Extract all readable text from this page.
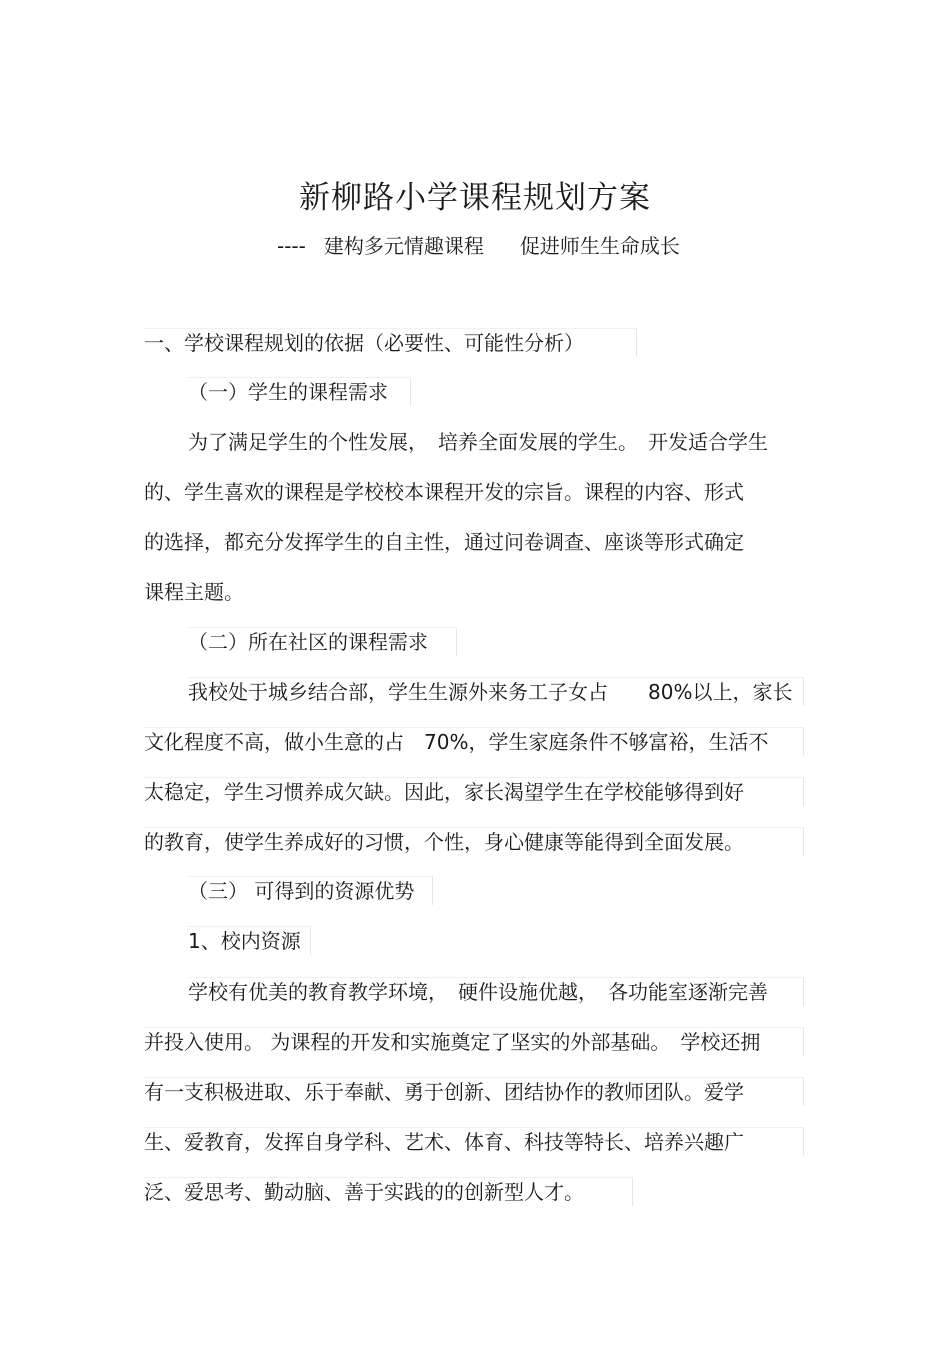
新柳路小学课程规划方案
---- 建构多元情趣课程 促进师生生命成长
一、学校课程规划的依据（必要性、可能性分析）
（一）学生的课程需求
为了满足学生的个性发展，　培养全面发展的学生。　开发适合学生
的、学生喜欢的课程是学校校本课程开发的宗旨。课程的内容、形式
的选择，都充分发挥学生的自主性，通过问卷调查、座谈等形式确定
课程主题。
（二）所在社区的课程需求
我校处于城乡结合部，学生生源外来务工子女占　　80%以上，家长
文化程度不高，做小生意的占　70%，学生家庭条件不够富裕，生活不
太稳定，学生习惯养成欠缺。因此，家长渴望学生在学校能够得到好
的教育，使学生养成好的习惯，个性，身心健康等能得到全面发展。
（三） 可得到的资源优势
1、校内资源
学校有优美的教育教学环境，　硬件设施优越，　各功能室逐渐完善
并投入使用。 为课程的开发和实施奠定了坚实的外部基础。　学校还拥
有一支积极进取、乐于奉献、勇于创新、团结协作的教师团队。爱学
生、爱教育，发挥自身学科、艺术、体育、科技等特长、培养兴趣广
泛、爱思考、勤动脑、善于实践的的创新型人才。
